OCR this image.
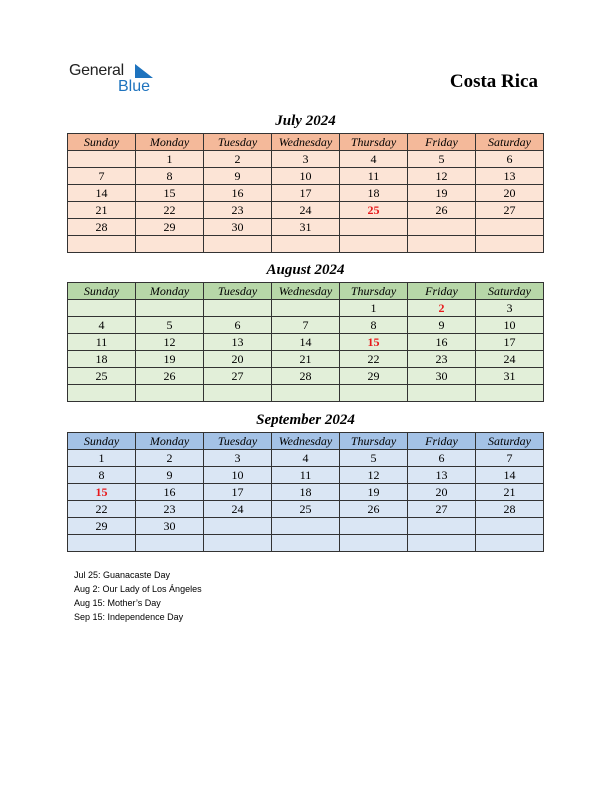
General
Blue	Costa Rica
July 2024
Sunday	Monday	Tuesday	Wednesday	Thursday	Friday	Saturday
	1	2	3	4	5	6
7	8	9	10	11	12	13
14	15	16	17	18	19	20
21	22	23	24	25	26	27
28	29	30	31			

August 2024
Sunday	Monday	Tuesday	Wednesday	Thursday	Friday	Saturday
				1	2	3
4	5	6	7	8	9	10
11	12	13	14	15	16	17
18	19	20	21	22	23	24
25	26	27	28	29	30	31

September 2024
Sunday	Monday	Tuesday	Wednesday	Thursday	Friday	Saturday
1	2	3	4	5	6	7
8	9	10	11	12	13	14
15	16	17	18	19	20	21
22	23	24	25	26	27	28
29	30					

Jul 25: Guanacaste Day
Aug 2: Our Lady of Los Ángeles
Aug 15: Mother’s Day
Sep 15: Independence Day
